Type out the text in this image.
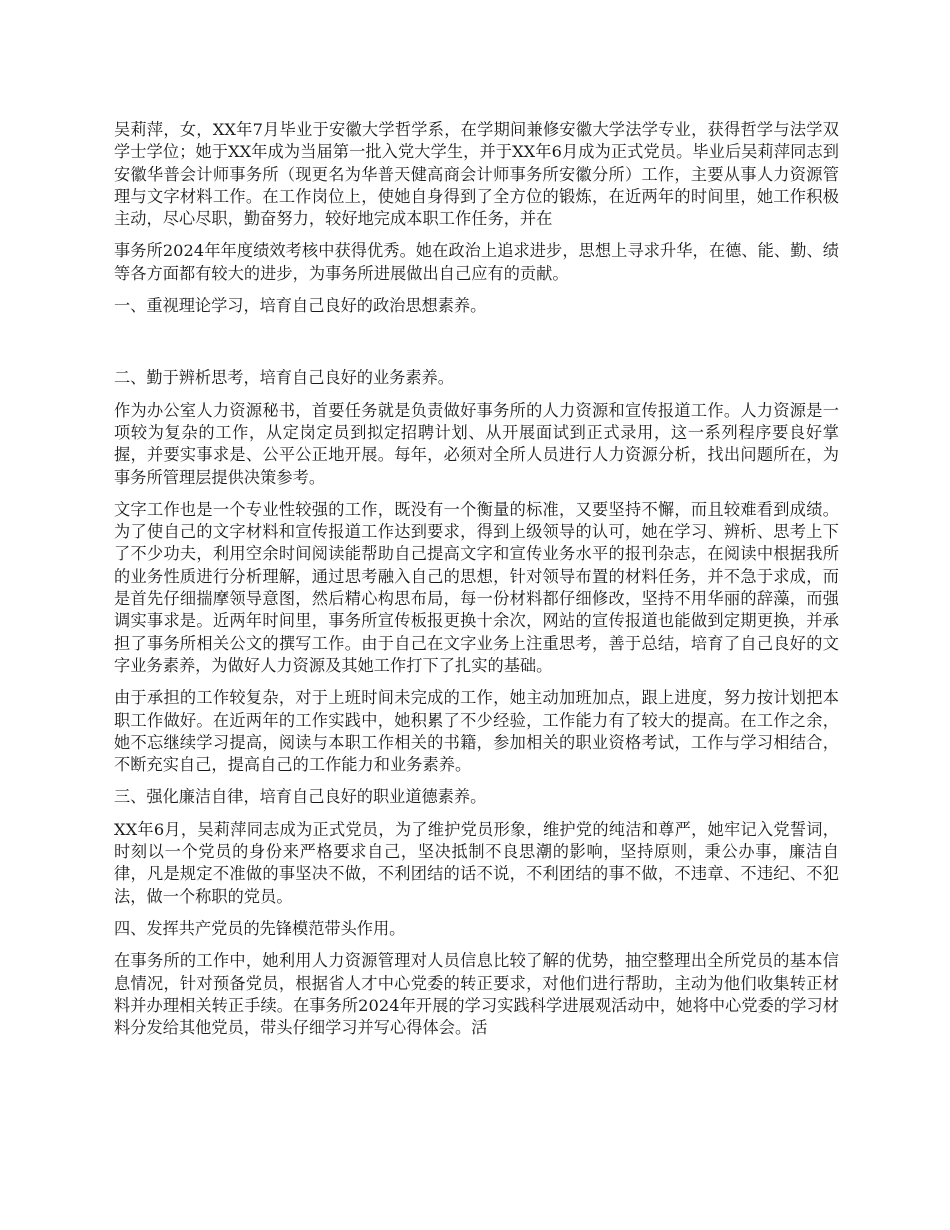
吴莉萍，女，XX年7月毕业于安徽大学哲学系，在学期间兼修安徽大学法学专业，获得哲学与法学双学士学位；她于XX年成为当届第一批入党大学生，并于XX年6月成为正式党员。毕业后吴莉萍同志到安徽华普会计师事务所（现更名为华普天健高商会计师事务所安徽分所）工作，主要从事人力资源管理与文字材料工作。在工作岗位上，使她自身得到了全方位的锻炼，在近两年的时间里，她工作积极主动，尽心尽职，勤奋努力，较好地完成本职工作任务，并在

事务所2024年年度绩效考核中获得优秀。她在政治上追求进步，思想上寻求升华，在德、能、勤、绩等各方面都有较大的进步，为事务所进展做出自己应有的贡献。

一、重视理论学习，培育自己良好的政治思想素养。

二、勤于辨析思考，培育自己良好的业务素养。

作为办公室人力资源秘书，首要任务就是负责做好事务所的人力资源和宣传报道工作。人力资源是一项较为复杂的工作，从定岗定员到拟定招聘计划、从开展面试到正式录用，这一系列程序要良好掌握，并要实事求是、公平公正地开展。每年，必须对全所人员进行人力资源分析，找出问题所在，为事务所管理层提供决策参考。

文字工作也是一个专业性较强的工作，既没有一个衡量的标准，又要坚持不懈，而且较难看到成绩。为了使自己的文字材料和宣传报道工作达到要求，得到上级领导的认可，她在学习、辨析、思考上下了不少功夫，利用空余时间阅读能帮助自己提高文字和宣传业务水平的报刊杂志，在阅读中根据我所的业务性质进行分析理解，通过思考融入自己的思想，针对领导布置的材料任务，并不急于求成，而是首先仔细揣摩领导意图，然后精心构思布局，每一份材料都仔细修改，坚持不用华丽的辞藻，而强调实事求是。近两年时间里，事务所宣传板报更换十余次，网站的宣传报道也能做到定期更换，并承担了事务所相关公文的撰写工作。由于自己在文字业务上注重思考，善于总结，培育了自己良好的文字业务素养，为做好人力资源及其她工作打下了扎实的基础。

由于承担的工作较复杂，对于上班时间未完成的工作，她主动加班加点，跟上进度，努力按计划把本职工作做好。在近两年的工作实践中，她积累了不少经验，工作能力有了较大的提高。在工作之余，她不忘继续学习提高，阅读与本职工作相关的书籍，参加相关的职业资格考试，工作与学习相结合，不断充实自己，提高自己的工作能力和业务素养。

三、强化廉洁自律，培育自己良好的职业道德素养。

XX年6月，吴莉萍同志成为正式党员，为了维护党员形象，维护党的纯洁和尊严，她牢记入党誓词，时刻以一个党员的身份来严格要求自己，坚决抵制不良思潮的影响，坚持原则，秉公办事，廉洁自律，凡是规定不准做的事坚决不做，不利团结的话不说，不利团结的事不做，不违章、不违纪、不犯法，做一个称职的党员。

四、发挥共产党员的先锋模范带头作用。

在事务所的工作中，她利用人力资源管理对人员信息比较了解的优势，抽空整理出全所党员的基本信息情况，针对预备党员，根据省人才中心党委的转正要求，对他们进行帮助，主动为他们收集转正材料并办理相关转正手续。在事务所2024年开展的学习实践科学进展观活动中，她将中心党委的学习材料分发给其他党员，带头仔细学习并写心得体会。活
